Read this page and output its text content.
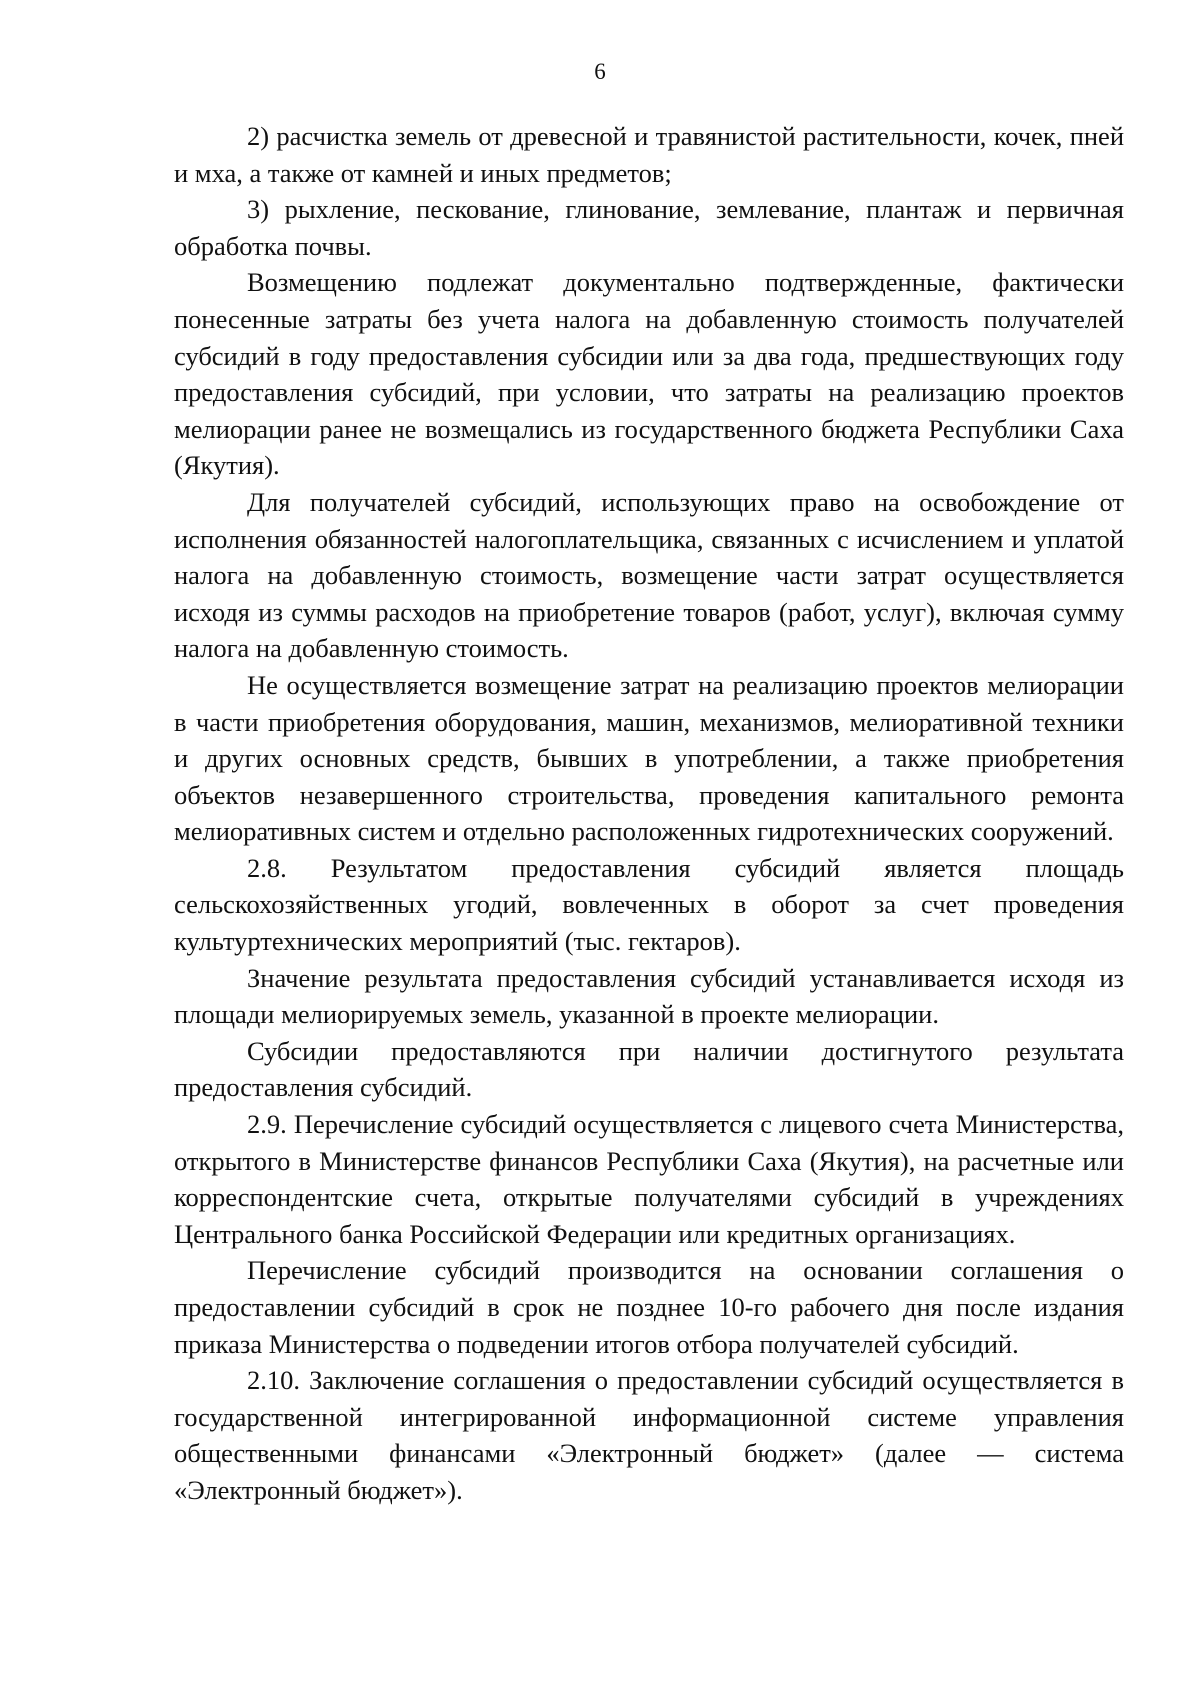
6

2) расчистка земель от древесной и травянистой растительности, кочек, пней и мха, а также от камней и иных предметов;

3) рыхление, пескование, глинование, землевание, плантаж и первичная обработка почвы.

Возмещению подлежат документально подтвержденные, фактически понесенные затраты без учета налога на добавленную стоимость получателей субсидий в году предоставления субсидии или за два года, предшествующих году предоставления субсидий, при условии, что затраты на реализацию проектов мелиорации ранее не возмещались из государственного бюджета Республики Саха (Якутия).

Для получателей субсидий, использующих право на освобождение от исполнения обязанностей налогоплательщика, связанных с исчислением и уплатой налога на добавленную стоимость, возмещение части затрат осуществляется исходя из суммы расходов на приобретение товаров (работ, услуг), включая сумму налога на добавленную стоимость.

Не осуществляется возмещение затрат на реализацию проектов мелиорации в части приобретения оборудования, машин, механизмов, мелиоративной техники и других основных средств, бывших в употреблении, а также приобретения объектов незавершенного строительства, проведения капитального ремонта мелиоративных систем и отдельно расположенных гидротехнических сооружений.

2.8. Результатом предоставления субсидий является площадь сельскохозяйственных угодий, вовлеченных в оборот за счет проведения культуртехнических мероприятий (тыс. гектаров).

Значение результата предоставления субсидий устанавливается исходя из площади мелиорируемых земель, указанной в проекте мелиорации.

Субсидии предоставляются при наличии достигнутого результата предоставления субсидий.

2.9. Перечисление субсидий осуществляется с лицевого счета Министерства, открытого в Министерстве финансов Республики Саха (Якутия), на расчетные или корреспондентские счета, открытые получателями субсидий в учреждениях Центрального банка Российской Федерации или кредитных организациях.

Перечисление субсидий производится на основании соглашения о предоставлении субсидий в срок не позднее 10-го рабочего дня после издания приказа Министерства о подведении итогов отбора получателей субсидий.

2.10. Заключение соглашения о предоставлении субсидий осуществляется в государственной интегрированной информационной системе управления общественными финансами «Электронный бюджет» (далее — система «Электронный бюджет»).
